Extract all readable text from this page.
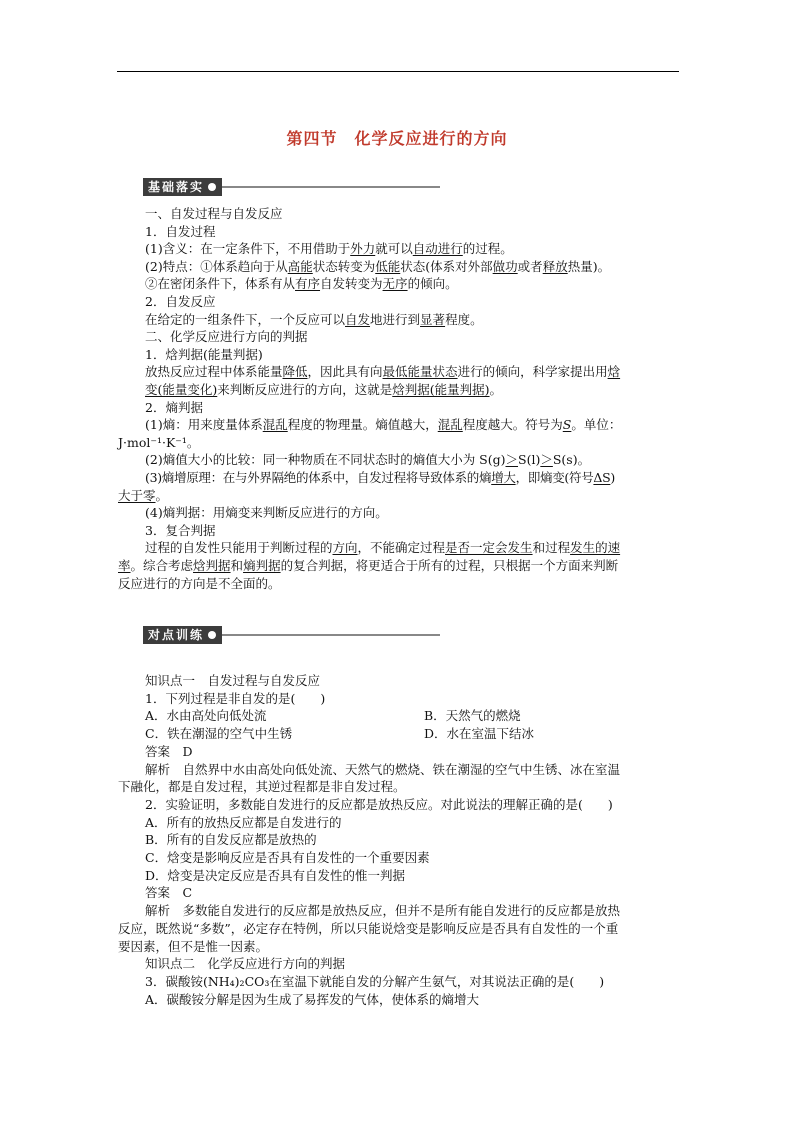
第四节　化学反应进行的方向
基础落实
一、自发过程与自发反应
1．自发过程
(1)含义：在一定条件下，不用借助于外力就可以自动进行的过程。
(2)特点：①体系趋向于从高能状态转变为低能状态(体系对外部做功或者释放热量)。
②在密闭条件下，体系有从有序自发转变为无序的倾向。
2．自发反应
在给定的一组条件下，一个反应可以自发地进行到显著程度。
二、化学反应进行方向的判据
1．焓判据(能量判据)
放热反应过程中体系能量降低，因此具有向最低能量状态进行的倾向，科学家提出用焓
变(能量变化)来判断反应进行的方向，这就是焓判据(能量判据)。
2．熵判据
(1)熵：用来度量体系混乱程度的物理量。熵值越大，混乱程度越大。符号为S。单位：
J·mol⁻¹·K⁻¹。
(2)熵值大小的比较：同一种物质在不同状态时的熵值大小为 S(g)＞S(l)＞S(s)。
(3)熵增原理：在与外界隔绝的体系中，自发过程将导致体系的熵增大，即熵变(符号ΔS)
大于零。
(4)熵判据：用熵变来判断反应进行的方向。
3．复合判据
过程的自发性只能用于判断过程的方向，不能确定过程是否一定会发生和过程发生的速
率。综合考虑焓判据和熵判据的复合判据，将更适合于所有的过程，只根据一个方面来判断
反应进行的方向是不全面的。
对点训练
知识点一　自发过程与自发反应
1．下列过程是非自发的是(　　)
A．水由高处向低处流	B．天然气的燃烧
C．铁在潮湿的空气中生锈	D．水在室温下结冰
答案　D
解析　自然界中水由高处向低处流、天然气的燃烧、铁在潮湿的空气中生锈、冰在室温
下融化，都是自发过程，其逆过程都是非自发过程。
2．实验证明，多数能自发进行的反应都是放热反应。对此说法的理解正确的是(　　)
A．所有的放热反应都是自发进行的
B．所有的自发反应都是放热的
C．焓变是影响反应是否具有自发性的一个重要因素
D．焓变是决定反应是否具有自发性的惟一判据
答案　C
解析　多数能自发进行的反应都是放热反应，但并不是所有能自发进行的反应都是放热
反应，既然说“多数”，必定存在特例，所以只能说焓变是影响反应是否具有自发性的一个重
要因素，但不是惟一因素。
知识点二　化学反应进行方向的判据
3．碳酸铵(NH₄)₂CO₃在室温下就能自发的分解产生氨气，对其说法正确的是(　　)
A．碳酸铵分解是因为生成了易挥发的气体，使体系的熵增大
